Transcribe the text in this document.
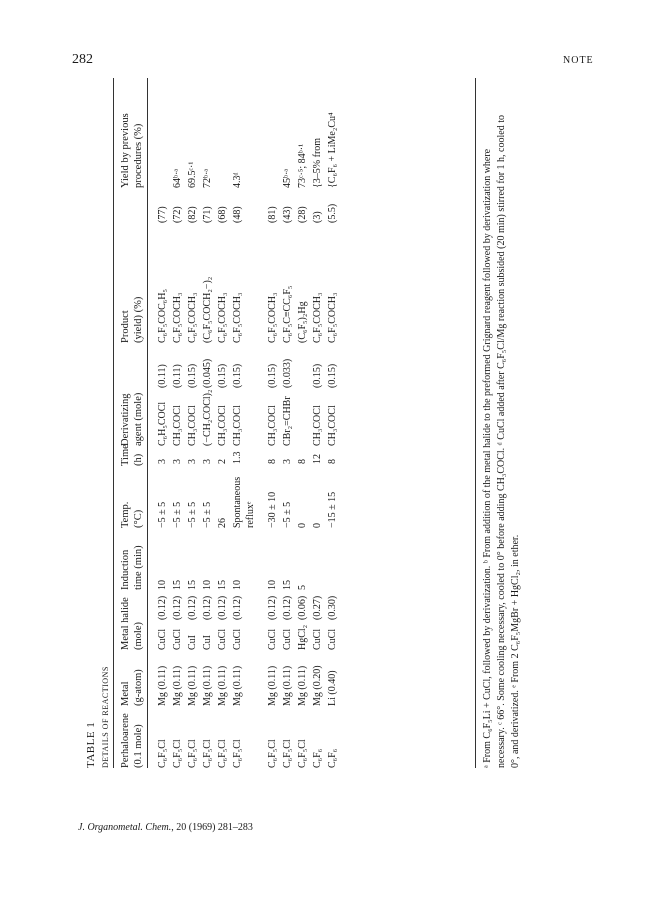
282	NOTE
J. Organometal. Chem., 20 (1969) 281–283
TABLE 1 DETAILS OF REACTIONS Perhaloarene (0.1 mole)
Metal (g-atom)
Metal halide (mole)
Induction time (min)
Temp. (°C)
Time (h)
Derivatizing agent (mole)
Product (yield) (%)
Yield by previous procedures (%)
C₆F₅Cl
Mg (0.11)
CuCl
(0.12)
10
−5 ± 5
3
C₆H₅COCl
(0.11)
C₆F₅COC₆H₅
(77)
C₆F₅Cl
Mg (0.11)
CuCl
(0.12)
15
−5 ± 5
3
CH₃COCl
(0.11)
C₆F₅COCH₃
(72)
64ᵇ·ᵃ
C₆F₅Cl
Mg (0.11)
CuI
(0.12)
15
−5 ± 5
3
CH₃COCl
(0.15)
C₆F₅COCH₃
(82)
69.5ᶜ·¹
C₆F₅Cl
Mg (0.11)
CuI
(0.12)
10
−5 ± 5
3
(−CH₂COCl)₂
(0.045)
(C₆F₅COCH₂−)₂
(71)
72ᵇ·ᵃ
C₆F₅Cl
Mg (0.11)
CuCl
(0.12)
15
26
2
CH₃COCl
(0.15)
C₆F₅COCH₃
(68)
C₆F₅Cl
Mg (0.11)
CuCl
(0.12)
10
Spontaneous
1.3
CH₃COCl
(0.15)
C₆F₅COCH₃
(48)
4.3ᵈ
refluxᵉ
C₆F₅Cl
Mg (0.11)
CuCl
(0.12)
10
−30 ± 10
8
CH₃COCl
(0.15)
C₆F₅COCH₃
(81)
C₆F₅Cl
Mg (0.11)
CuCl
(0.12)
15
−5 ± 5
3
CBr₂=CHBr
(0.033)
C₆F₅C≡CC₆F₅
(43)
45ᵇ·ᵃ
C₆F₅Cl
Mg (0.11)
HgCl₂
(0.06)
5
0
8
(C₆F₅)₂Hg
(28)
73ᶜ·⁵; 84ᵇ·¹
C₆F₆
Mg (0.20)
CuCl
(0.27)
0
12
CH₃COCl
(0.15)
C₆F₅COCH₃
(3)
{3–5% from
C₆F₆
Li (0.40)
CuCl
(0.30)
−15 ± 15
8
CH₃COCl
(0.15)
C₆F₅COCH₃
(5.5)
{C₆F₆ + LiMe₂Cu⁴	ᵃ From C₆F₅Li + CuCl, followed by derivatization. ᵇ From addition of the metal halide to the preformed Grignard reagent followed by derivatization where necessary. ᶜ 66°. Some cooling necessary, cooled to 0° before adding CH₃COCl. ᵈ CuCl added after C₆F₅Cl/Mg reaction subsided (20 min) stirred for 1 h, cooled to 0°, and derivatized. ᵉ From 2 C₆F₅MgBr + HgCl₂, in ether.
